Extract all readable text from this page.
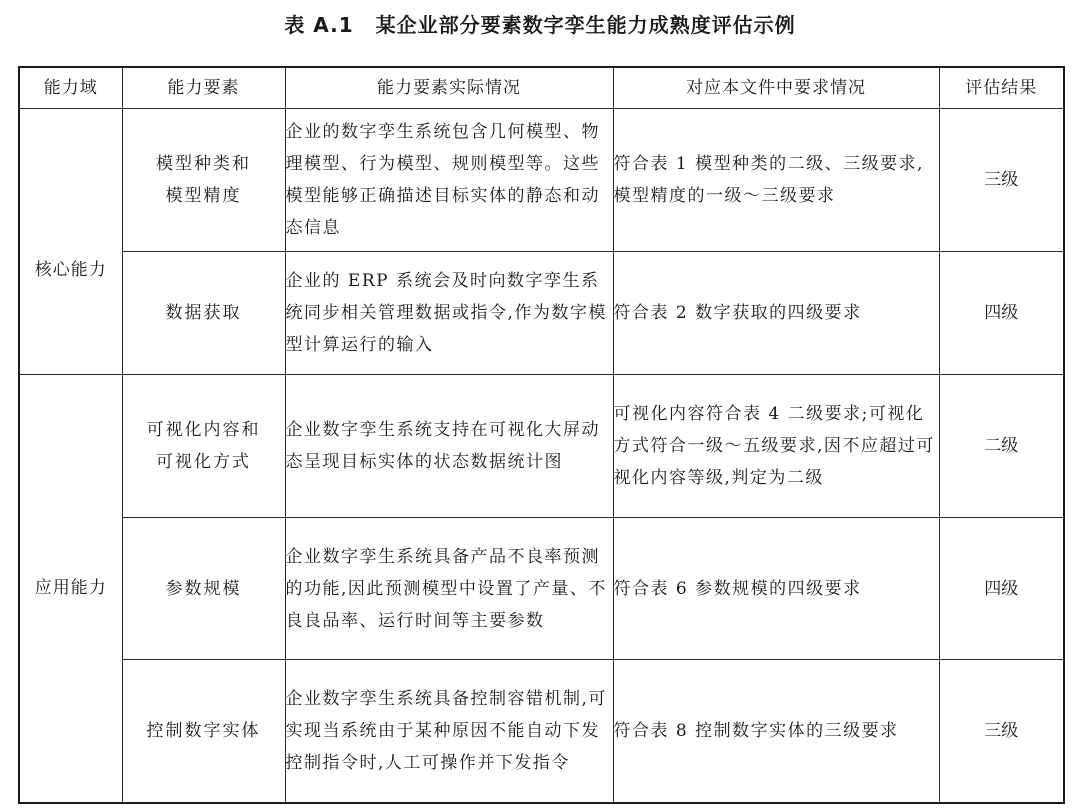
表 A.1 某企业部分要素数字孪生能力成熟度评估示例
能力域	能力要素	能力要素实际情况	对应本文件中要求情况	评估结果
核心能力	模型种类和模型精度	企业的数字孪生系统包含几何模型、物理模型、行为模型、规则模型等。这些模型能够正确描述目标实体的静态和动态信息	符合表 1 模型种类的二级、三级要求,模型精度的一级～三级要求	三级
	数据获取	企业的 ERP 系统会及时向数字孪生系统同步相关管理数据或指令,作为数字模型计算运行的输入	符合表 2 数字获取的四级要求	四级
应用能力	可视化内容和可视化方式	企业数字孪生系统支持在可视化大屏动态呈现目标实体的状态数据统计图	可视化内容符合表 4 二级要求;可视化方式符合一级～五级要求,因不应超过可视化内容等级,判定为二级	二级
	参数规模	企业数字孪生系统具备产品不良率预测的功能,因此预测模型中设置了产量、不良良品率、运行时间等主要参数	符合表 6 参数规模的四级要求	四级
	控制数字实体	企业数字孪生系统具备控制容错机制,可实现当系统由于某种原因不能自动下发控制指令时,人工可操作并下发指令	符合表 8 控制数字实体的三级要求	三级
